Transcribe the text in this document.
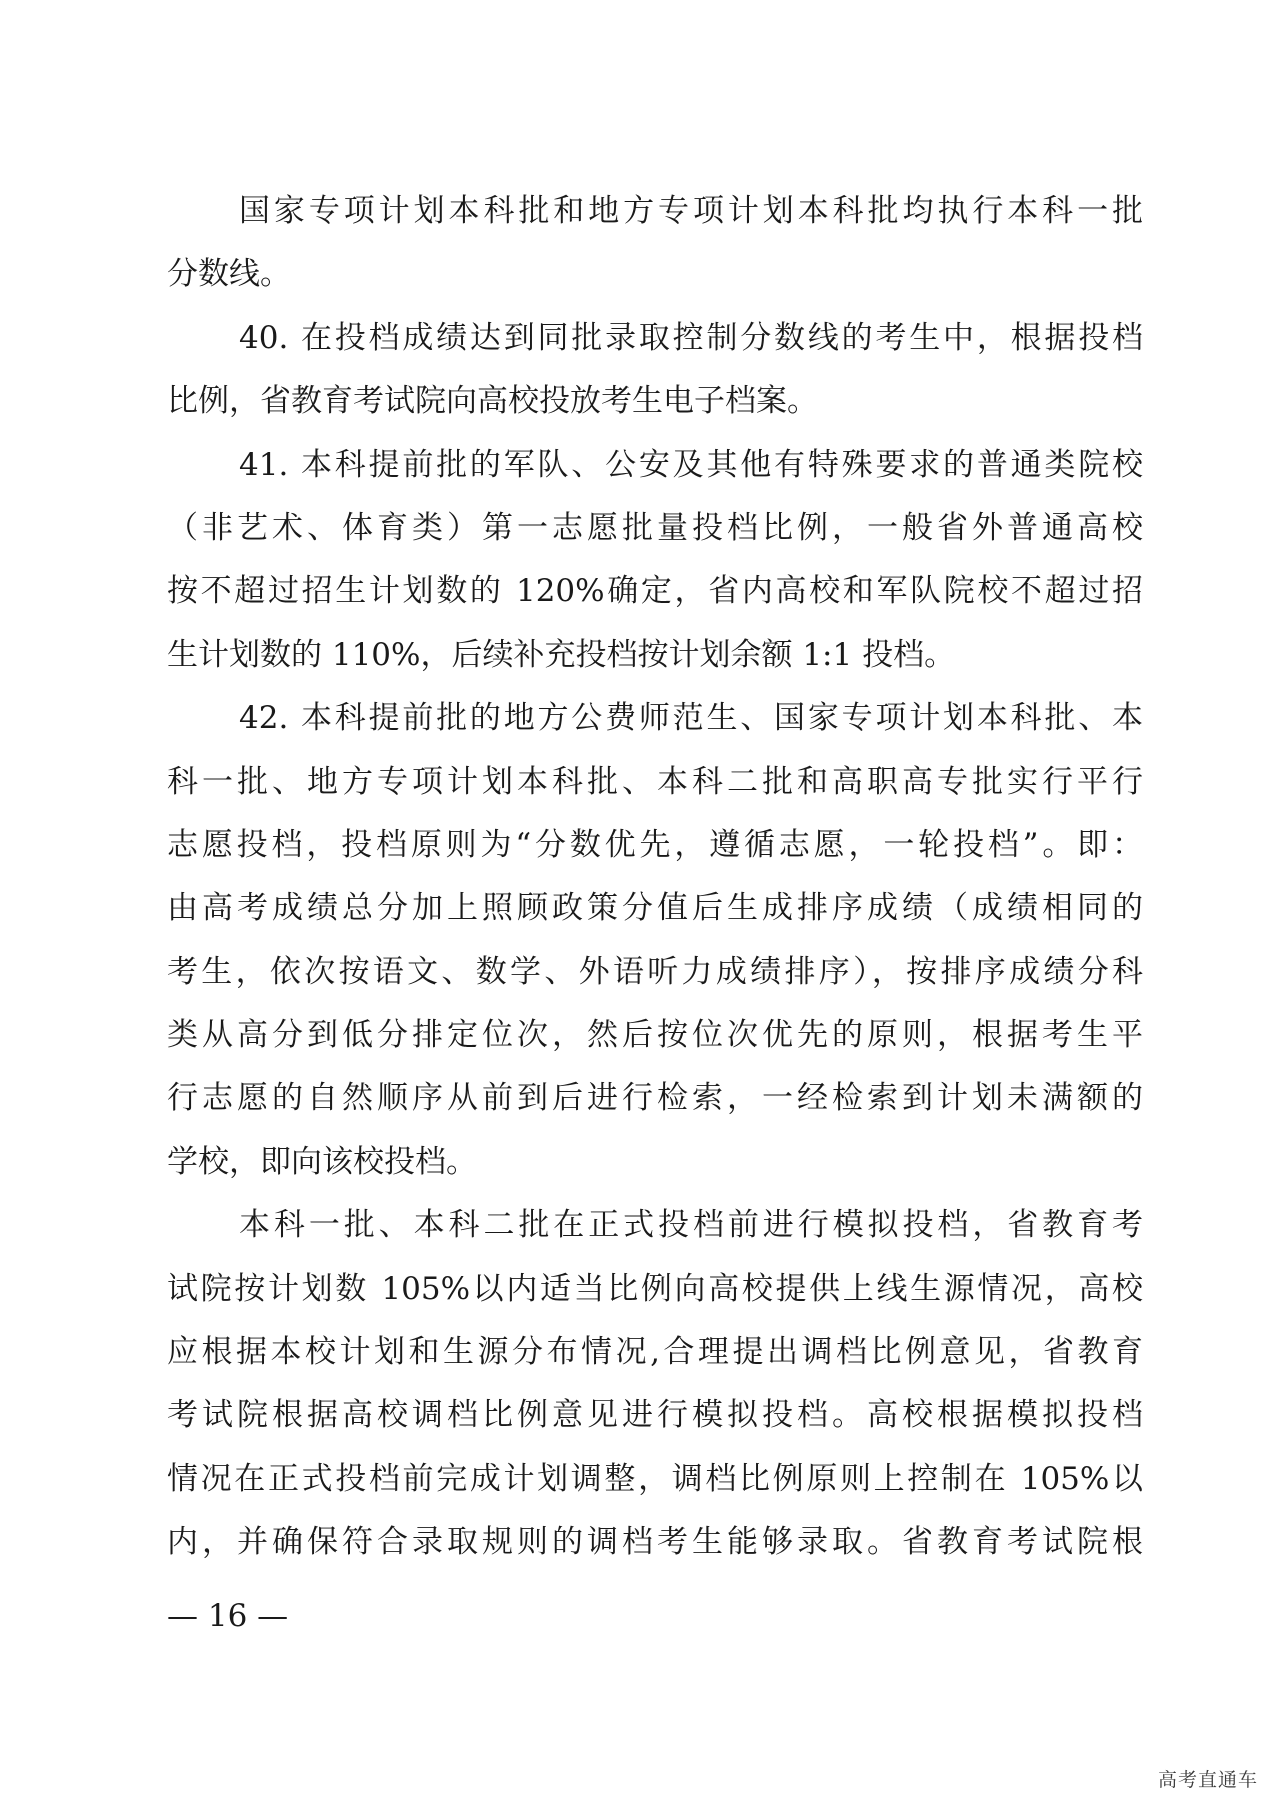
国家专项计划本科批和地方专项计划本科批均执行本科一批
分数线。
40. 在投档成绩达到同批录取控制分数线的考生中，根据投档
比例，省教育考试院向高校投放考生电子档案。
41. 本科提前批的军队、公安及其他有特殊要求的普通类院校
（非艺术、体育类）第一志愿批量投档比例，一般省外普通高校
按不超过招生计划数的 120%确定，省内高校和军队院校不超过招
生计划数的 110%，后续补充投档按计划余额 1:1 投档。
42. 本科提前批的地方公费师范生、国家专项计划本科批、本
科一批、地方专项计划本科批、本科二批和高职高专批实行平行
志愿投档，投档原则为“分数优先，遵循志愿，一轮投档”。即：
由高考成绩总分加上照顾政策分值后生成排序成绩（成绩相同的
考生，依次按语文、数学、外语听力成绩排序），按排序成绩分科
类从高分到低分排定位次，然后按位次优先的原则，根据考生平
行志愿的自然顺序从前到后进行检索，一经检索到计划未满额的
学校，即向该校投档。
本科一批、本科二批在正式投档前进行模拟投档，省教育考
试院按计划数 105%以内适当比例向高校提供上线生源情况，高校
应根据本校计划和生源分布情况,合理提出调档比例意见，省教育
考试院根据高校调档比例意见进行模拟投档。高校根据模拟投档
情况在正式投档前完成计划调整，调档比例原则上控制在 105%以
内，并确保符合录取规则的调档考生能够录取。省教育考试院根
— 16 —
高考直通车
